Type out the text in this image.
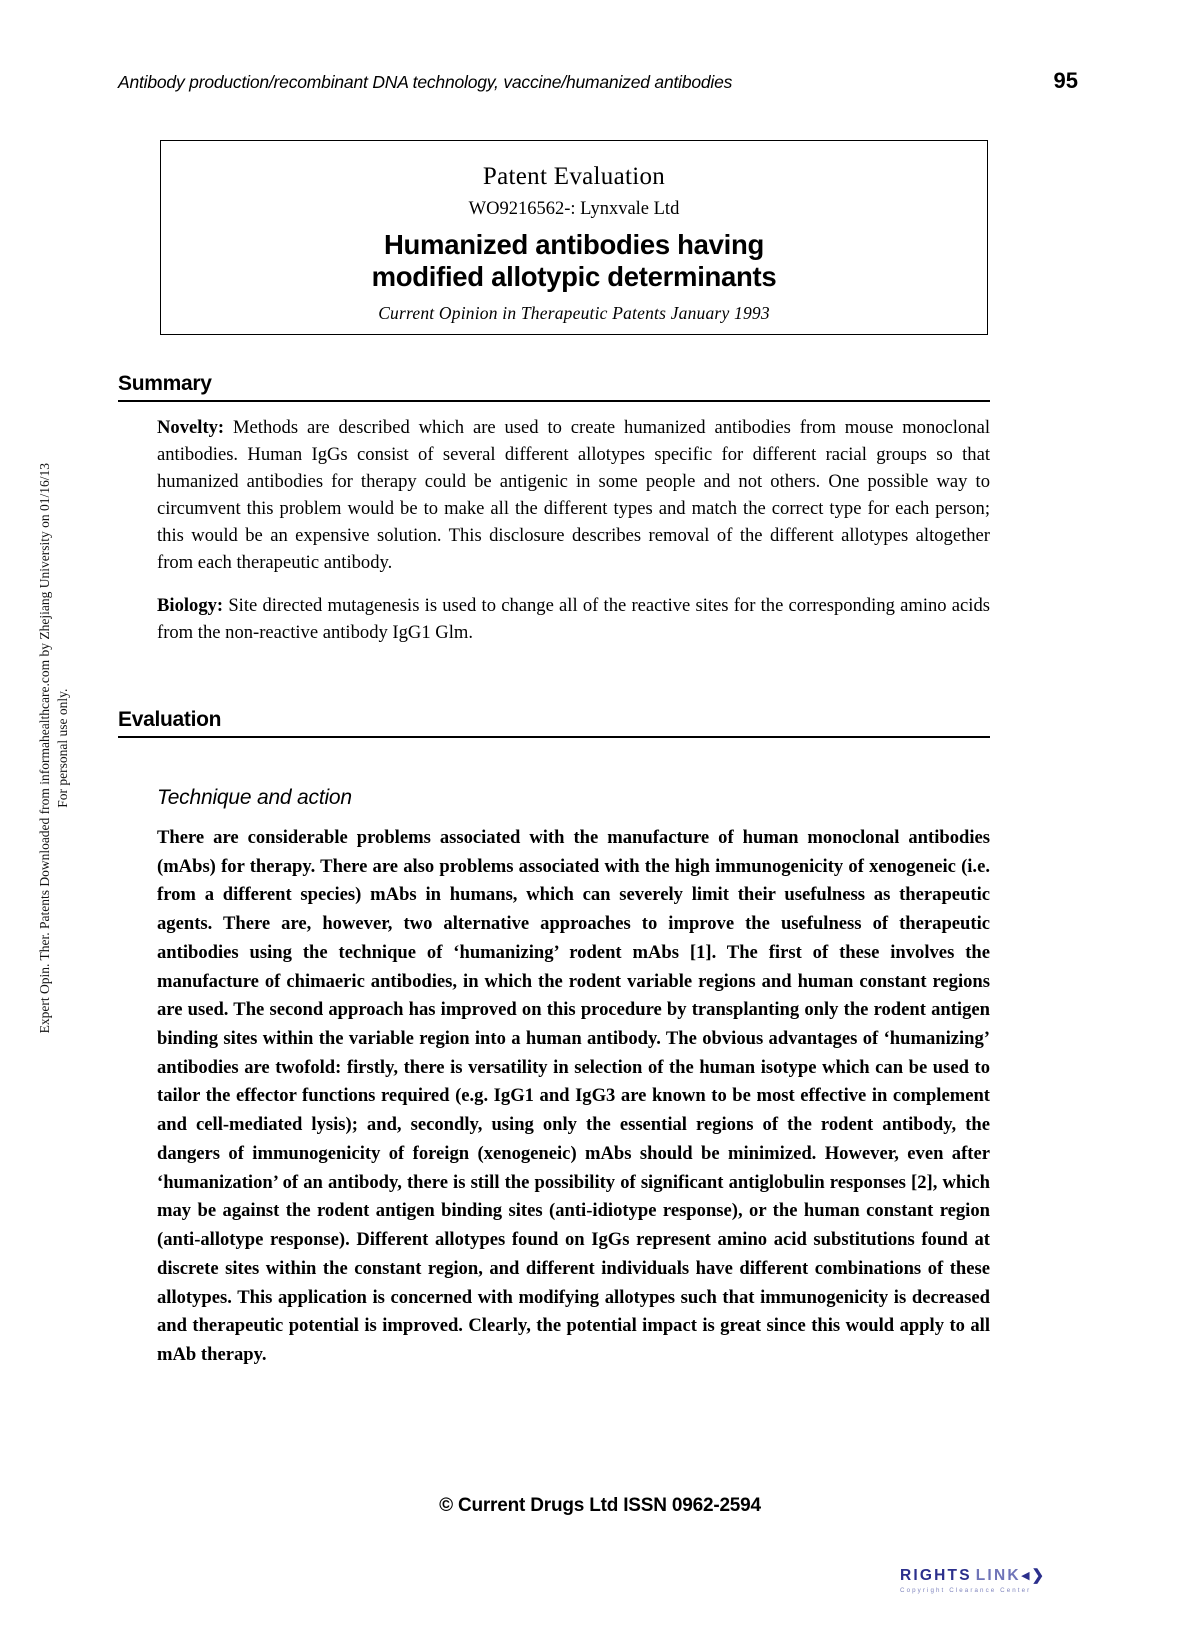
Antibody production/recombinant DNA technology, vaccine/humanized antibodies	95
Patent Evaluation
WO9216562-: Lynxvale Ltd
Humanized antibodies having
modified allotypic determinants
Current Opinion in Therapeutic Patents January 1993
Summary

Novelty: Methods are described which are used to create humanized antibodies from mouse monoclonal antibodies. Human IgGs consist of several different allotypes specific for different racial groups so that humanized antibodies for therapy could be antigenic in some people and not others. One possible way to circumvent this problem would be to make all the different types and match the correct type for each person; this would be an expensive solution. This disclosure describes removal of the different allotypes altogether from each therapeutic antibody.

Biology: Site directed mutagenesis is used to change all of the reactive sites for the corresponding amino acids from the non-reactive antibody IgG1 Glm.

Evaluation
Technique and action

There are considerable problems associated with the manufacture of human monoclonal antibodies (mAbs) for therapy. There are also problems associated with the high immunogenicity of xenogeneic (i.e. from a different species) mAbs in humans, which can severely limit their usefulness as therapeutic agents. There are, however, two alternative approaches to improve the usefulness of therapeutic antibodies using the technique of ‘humanizing’ rodent mAbs [1]. The first of these involves the manufacture of chimaeric antibodies, in which the rodent variable regions and human constant regions are used. The second approach has improved on this procedure by transplanting only the rodent antigen binding sites within the variable region into a human antibody. The obvious advantages of ‘humanizing’ antibodies are twofold: firstly, there is versatility in selection of the human isotype which can be used to tailor the effector functions required (e.g. IgG1 and IgG3 are known to be most effective in complement and cell-mediated lysis); and, secondly, using only the essential regions of the rodent antibody, the dangers of immunogenicity of foreign (xenogeneic) mAbs should be minimized. However, even after ‘humanization’ of an antibody, there is still the possibility of significant antiglobulin responses [2], which may be against the rodent antigen binding sites (anti-idiotype response), or the human constant region (anti-allotype response). Different allotypes found on IgGs represent amino acid substitutions found at discrete sites within the constant region, and different individuals have different combinations of these allotypes. This application is concerned with modifying allotypes such that immunogenicity is decreased and therapeutic potential is improved. Clearly, the potential impact is great since this would apply to all mAb therapy.

Expert Opin. Ther. Patents Downloaded from informahealthcare.com by Zhejiang University on 01/16/13 For personal use only.
© Current Drugs Ltd ISSN 0962-2594
RIGHTS LINK ◂❯
Copyright Clearance Center
